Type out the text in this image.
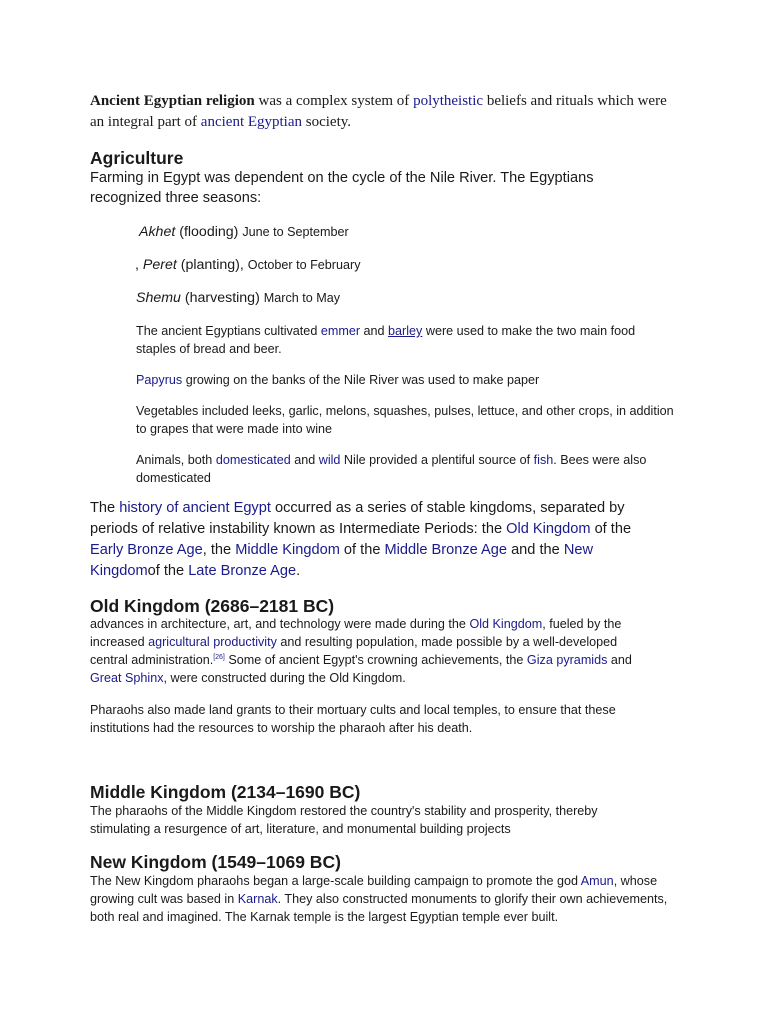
Ancient Egyptian religion was a complex system of polytheistic beliefs and rituals which were an integral part of ancient Egyptian society.
Agriculture
Farming in Egypt was dependent on the cycle of the Nile River. The Egyptians recognized three seasons:
Akhet (flooding) June to September
, Peret (planting), October to February
Shemu (harvesting) March to May
The ancient Egyptians cultivated emmer and barley were used to make the two main food staples of bread and beer.
Papyrus growing on the banks of the Nile River was used to make paper
Vegetables included leeks, garlic, melons, squashes, pulses, lettuce, and other crops, in addition to grapes that were made into wine
Animals, both domesticated and wild Nile provided a plentiful source of fish. Bees were also domesticated
The history of ancient Egypt occurred as a series of stable kingdoms, separated by periods of relative instability known as Intermediate Periods: the Old Kingdom of the Early Bronze Age, the Middle Kingdom of the Middle Bronze Age and the New Kingdomof the Late Bronze Age.
Old Kingdom (2686–2181 BC)
advances in architecture, art, and technology were made during the Old Kingdom, fueled by the increased agricultural productivity and resulting population, made possible by a well-developed central administration.[26] Some of ancient Egypt's crowning achievements, the Giza pyramids and Great Sphinx, were constructed during the Old Kingdom.
Pharaohs also made land grants to their mortuary cults and local temples, to ensure that these institutions had the resources to worship the pharaoh after his death.
Middle Kingdom (2134–1690 BC)
The pharaohs of the Middle Kingdom restored the country's stability and prosperity, thereby stimulating a resurgence of art, literature, and monumental building projects
New Kingdom (1549–1069 BC)
The New Kingdom pharaohs began a large-scale building campaign to promote the god Amun, whose growing cult was based in Karnak. They also constructed monuments to glorify their own achievements, both real and imagined. The Karnak temple is the largest Egyptian temple ever built.
